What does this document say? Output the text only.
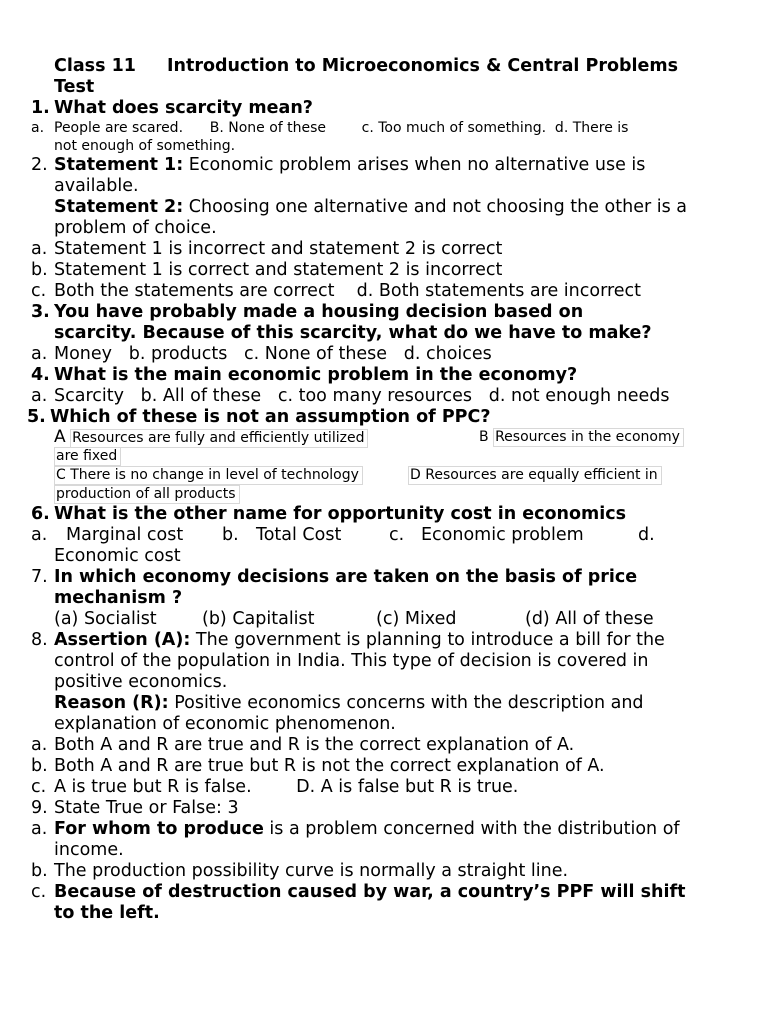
Class 11 Introduction to Microeconomics & Central Problems
Test
1. What does scarcity mean?
a. People are scared.      B. None of these        c. Too much of something.  d. There is
not enough of something.
2. Statement 1: Economic problem arises when no alternative use is
available.
Statement 2: Choosing one alternative and not choosing the other is a
problem of choice.
a. Statement 1 is incorrect and statement 2 is correct
b. Statement 1 is correct and statement 2 is incorrect
c. Both the statements are correct    d. Both statements are incorrect
3. You have probably made a housing decision based on
scarcity. Because of this scarcity, what do we have to make?
a. Money   b. products   c. None of these   d. choices
4. What is the main economic problem in the economy?
a. Scarcity   b. All of these   c. too many resources   d. not enough needs
5. Which of these is not an assumption of PPC?
A Resources are fully and efficiently utilized	B Resources in the economy
are fixed
C There is no change in level of technology	D Resources are equally efficient in
production of all products
6. What is the other name for opportunity cost in economics
a. Marginal cost b. Total Cost	c. Economic problem	d.
Economic cost
7. In which economy decisions are taken on the basis of price
mechanism ?
(a) Socialist	(b) Capitalist	(c) Mixed	(d) All of these
8. Assertion (A): The government is planning to introduce a bill for the
control of the population in India. This type of decision is covered in
positive economics.
Reason (R): Positive economics concerns with the description and
explanation of economic phenomenon.
a. Both A and R are true and R is the correct explanation of A.
b. Both A and R are true but R is not the correct explanation of A.
c. A is true but R is false.        D. A is false but R is true.
9. State True or False: 3
a. For whom to produce is a problem concerned with the distribution of
income.
b. The production possibility curve is normally a straight line.
c. Because of destruction caused by war, a country’s PPF will shift
to the left.
